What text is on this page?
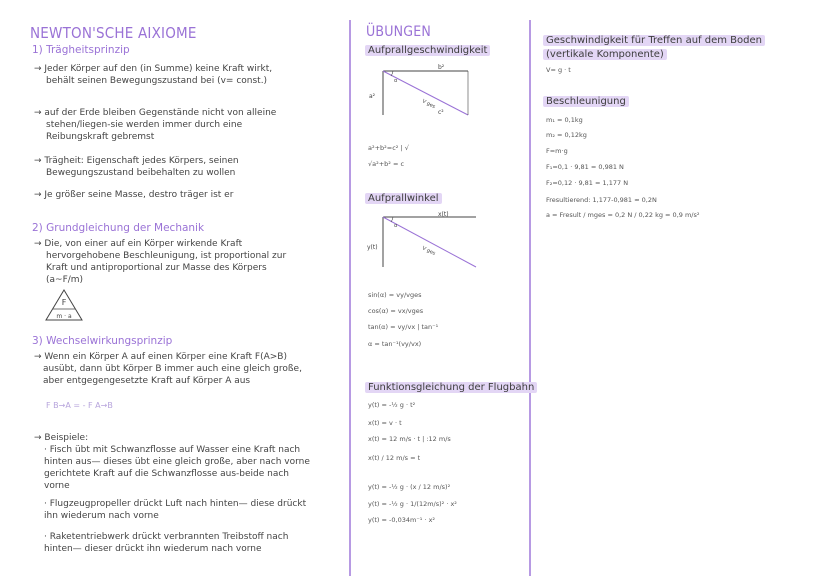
NEWTON'SCHE AIXIOME
1) Trägheitsprinzip
→ Jeder Körper auf den (in Summe) keine Kraft wirkt,
behält seinen Bewegungszustand bei (v= const.)
→ auf der Erde bleiben Gegenstände nicht von alleine
stehen/liegen-sie werden immer durch eine
Reibungskraft gebremst
→ Trägheit: Eigenschaft jedes Körpers, seinen
Bewegungszustand beibehalten zu wollen
→ Je größer seine Masse, destro träger ist er
2) Grundgleichung der Mechanik
→ Die, von einer auf ein Körper wirkende Kraft
hervorgehobene Beschleunigung, ist proportional zur
Kraft und antiproportional zur Masse des Körpers
(a~F/m)
F
m · a
3) Wechselwirkungsprinzip
→ Wenn ein Körper A auf einen Körper eine Kraft F(A>B)
ausübt, dann übt Körper B immer auch eine gleich große,
aber entgegengesetzte Kraft auf Körper A aus
F B→A = - F A→B
→ Beispiele:
· Fisch übt mit Schwanzflosse auf Wasser eine Kraft nach
hinten aus— dieses übt eine gleich große, aber nach vorne
gerichtete Kraft auf die Schwanzflosse aus-beide nach
vorne
· Flugzeugpropeller drückt Luft nach hinten— diese drückt
ihn wiederum nach vorne
· Raketentriebwerk drückt verbrannten Treibstoff nach
hinten— dieser drückt ihn wiederum nach vorne
ÜBUNGEN
Aufprallgeschwindigkeit
b²
a²
c²
α
V ges
a²+b²=c² | √
√a²+b² = c
Aufprallwinkel
x(t)
y(t)
α
V ges
sin(α) = vy/vges
cos(α) = vx/vges
tan(α) = vy/vx | tan⁻¹
α = tan⁻¹(vy/vx)
Funktionsgleichung der Flugbahn
y(t) = -½ g · t²
x(t) = v · t
x(t) = 12 m/s · t | :12 m/s
x(t) / 12 m/s = t
y(t) = -½ g · (x / 12 m/s)²
y(t) = -½ g · 1/(12m/s)² · x²
y(t) = -0,034m⁻¹ · x²
Geschwindigkeit für Treffen auf dem Boden
(vertikale Komponente)
V= g · t
Beschleunigung
m₁ = 0,1kg
m₂ = 0,12kg
F=m·g
F₁=0,1 · 9,81 = 0,981 N
F₂=0,12 · 9,81 = 1,177 N
Fresultierend: 1,177-0,981 ≈ 0,2N
a = Fresult / mges = 0,2 N / 0,22 kg = 0,9 m/s²
